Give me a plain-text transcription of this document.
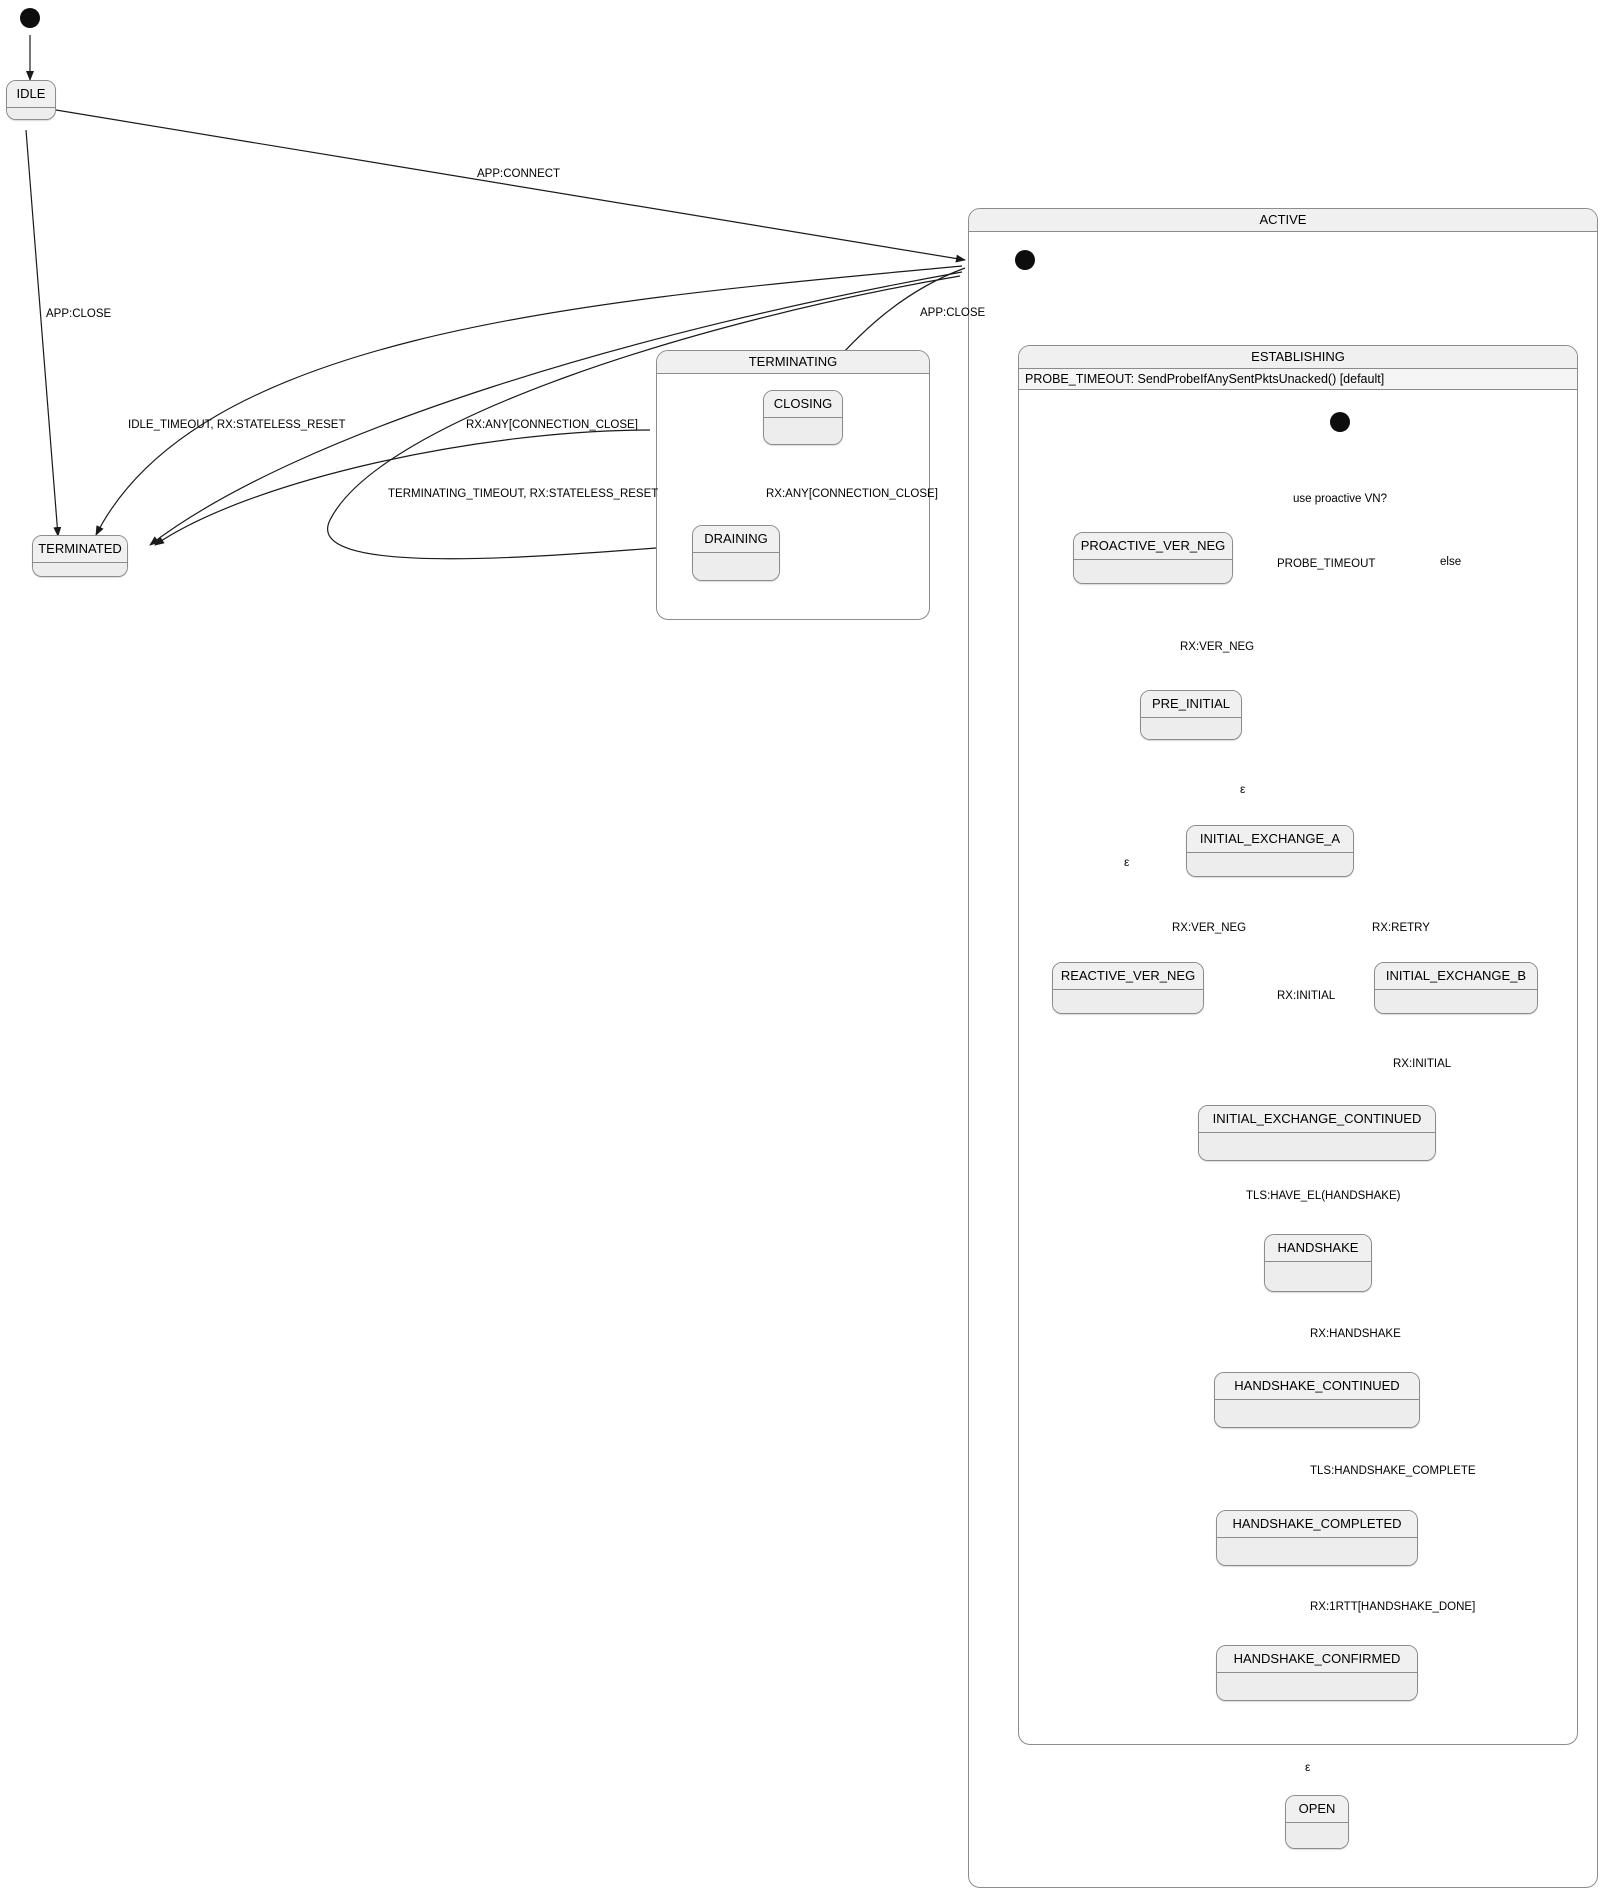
IDLE
TERMINATED
TERMINATING
CLOSING
DRAINING
ACTIVE
ESTABLISHING
PROBE_TIMEOUT: SendProbeIfAnySentPktsUnacked() [default]
PROACTIVE_VER_NEG
PRE_INITIAL
INITIAL_EXCHANGE_A
REACTIVE_VER_NEG	INITIAL_EXCHANGE_B
INITIAL_EXCHANGE_CONTINUED
HANDSHAKE
HANDSHAKE_CONTINUED
HANDSHAKE_COMPLETED
HANDSHAKE_CONFIRMED
OPEN
APP:CONNECT
APP:CLOSE	APP:CLOSE
IDLE_TIMEOUT, RX:STATELESS_RESET
TERMINATING_TIMEOUT, RX:STATELESS_RESET
RX:ANY[CONNECTION_CLOSE]
RX:ANY[CONNECTION_CLOSE]	use proactive VN?
else
PROBE_TIMEOUT
RX:VER_NEG
ε
ε
RX:VER_NEG	RX:RETRY
RX:INITIAL
RX:INITIAL
TLS:HAVE_EL(HANDSHAKE)
RX:HANDSHAKE
TLS:HANDSHAKE_COMPLETE
RX:1RTT[HANDSHAKE_DONE]
ε
